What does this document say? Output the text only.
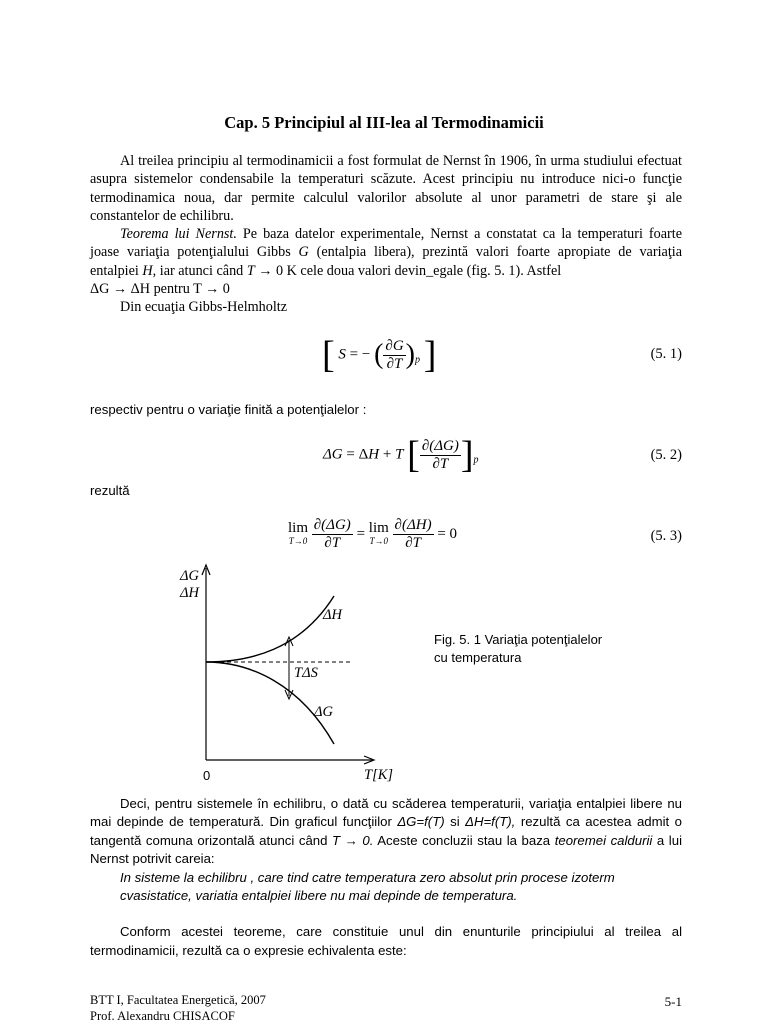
Cap. 5 Principiul al III-lea al Termodinamicii

Al treilea principiu al termodinamicii a fost formulat de Nernst în 1906, în urma studiului efectuat asupra sistemelor condensabile la temperaturi scăzute. Acest principiu nu introduce nici-o funcţie termodinamica noua, dar permite calculul valorilor absolute al unor parametri de stare şi ale constantelor de echilibru.

Teorema lui Nernst. Pe baza datelor experimentale, Nernst a constatat ca la temperaturi foarte joase variaţia potenţialului Gibbs G (entalpia libera), prezintă valori foarte apropiate de variaţia entalpiei H, iar atunci când T → 0 K cele doua valori devin_egale (fig. 5. 1). Astfel

ΔG → ΔH pentru T → 0

Din ecuaţia Gibbs-Helmholtz

[ S = − ( $\frac{\partial G}{\partial T} )_p$ ]	(5. 1)
respectiv pentru o variaţie finită a potenţialelor :
ΔG = ΔH + T [ $\frac{\partial(\Delta G)}{\partial T} ]_p$	(5. 2)
rezultă
lim
T→0
$\frac{\partial(\Delta G)}{\partial T} = \lim$
T→0
$\frac{\partial(\Delta H)}{\partial T} = 0$	(5. 3)
ΔG
ΔH
0	T[K]
ΔH
ΔG
TΔS
Fig. 5. 1 Variaţia potenţialelor
cu temperatura

Deci, pentru sistemele în echilibru, o dată cu scăderea temperaturii, variaţia entalpiei libere nu mai depinde de temperatură. Din graficul funcţiilor ΔG=f(T) si ΔH=f(T), rezultă ca acestea admit o tangentă comuna orizontală atunci când T → 0. Aceste concluzii stau la baza teoremei caldurii a lui Nernst potrivit careia:

In sisteme la echilibru , care tind catre temperatura zero absolut prin procese izoterm cvasistatice, variatia entalpiei libere nu mai depinde de temperatura.

Conform acestei teoreme, care constituie unul din enunturile principiului al treilea al termodinamicii, rezultă ca o expresie echivalenta este:

BTT I, Facultatea Energetică, 2007
Prof. Alexandru CHISACOF
5-1
